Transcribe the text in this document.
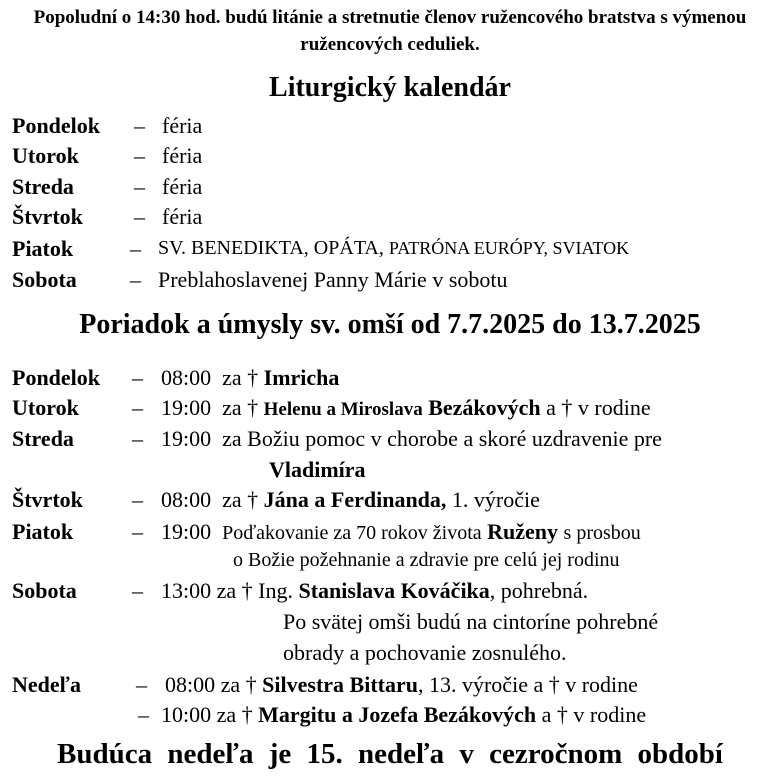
Popoludní o 14:30 hod. budú litánie a stretnutie členov ružencového bratstva s výmenou ružencových ceduliek.
Liturgický kalendár
Pondelok – féria
Utorok	– féria
Streda	– féria
Štvrtok – féria
Piatok	– SV. BENEDIKTA, OPÁTA, PATRÓNA EURÓPY, SVIATOK
Sobota – Preblahoslavenej Panny Márie v sobotu
Poriadok a úmysly sv. omší od 7.7.2025 do 13.7.2025
Pondelok – 08:00 za † Imricha
Utorok – 19:00 za † Helenu a Miroslava Bezákových a † v rodine
Streda	– 19:00 za Božiu pomoc v chorobe a skoré uzdravenie pre
Vladimíra
Štvrtok – 08:00 za † Jána a Ferdinanda, 1. výročie
Piatok	– 19:00 Poďakovanie za 70 rokov života Ruženy s prosbou
o Božie požehnanie a zdravie pre celú jej rodinu
Sobota	– 13:00 za † Ing. Stanislava Kováčika, pohrebná.
Po svätej omši budú na cintoríne pohrebné
obrady a pochovanie zosnulého.
Nedeľa	– 08:00 za † Silvestra Bittaru, 13. výročie a † v rodine
– 10:00 za † Margitu a Jozefa Bezákových a † v rodine
Budúca nedeľa je 15. nedeľa v cezročnom období
